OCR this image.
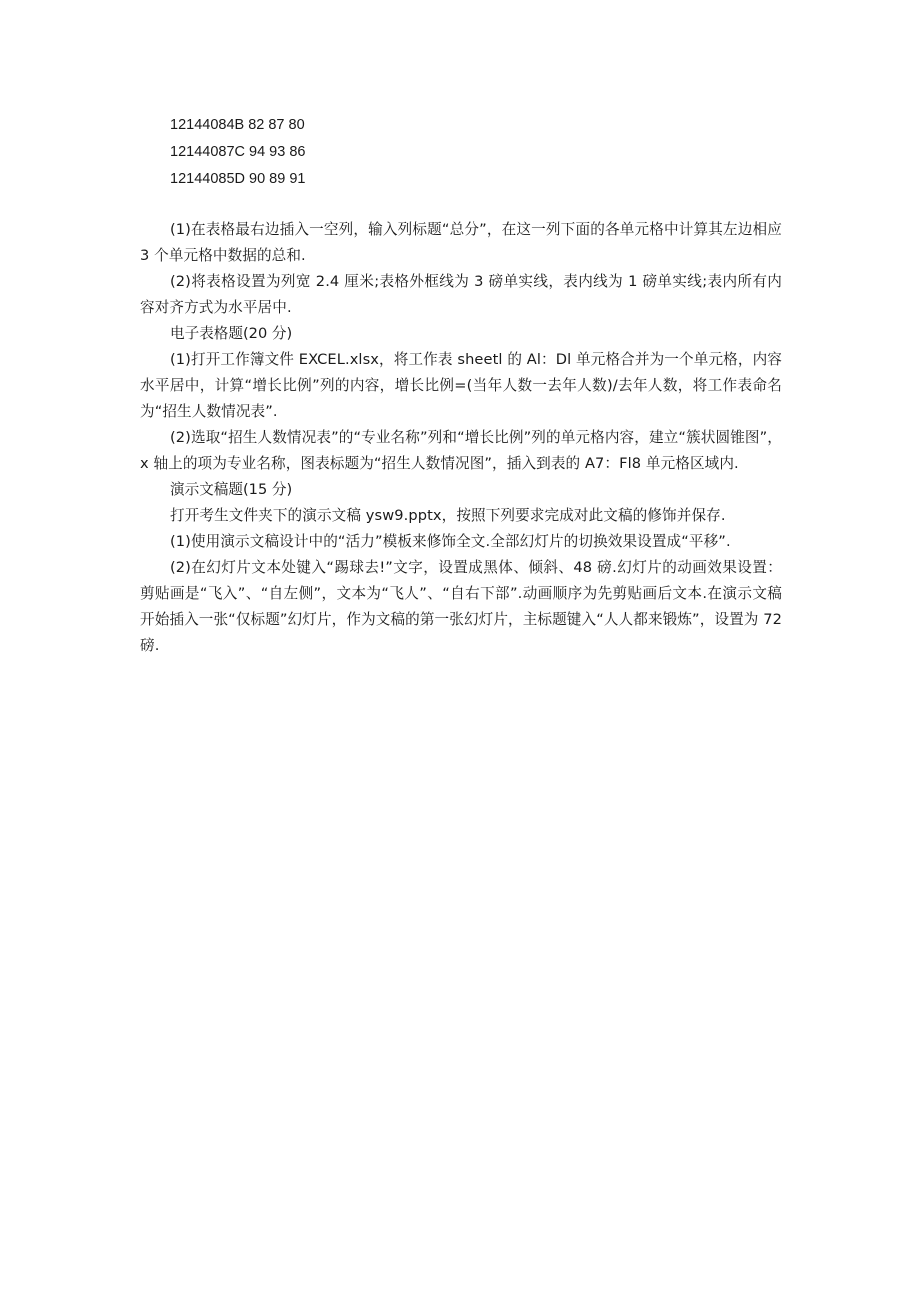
12144084B 82 87 80
12144087C 94 93 86
12144085D 90 89 91

(1)在表格最右边插入一空列，输入列标题“总分”，在这一列下面的各单元格中计算其左边相应 3 个单元格中数据的总和.

(2)将表格设置为列宽 2.4 厘米;表格外框线为 3 磅单实线，表内线为 1 磅单实线;表内所有内容对齐方式为水平居中.

电子表格题(20 分)

(1)打开工作簿文件 EXCEL.xlsx，将工作表 sheetl 的 Al：Dl 单元格合并为一个单元格，内容水平居中，计算“增长比例”列的内容，增长比例=(当年人数一去年人数)/去年人数，将工作表命名为“招生人数情况表”.

(2)选取“招生人数情况表”的“专业名称”列和“增长比例”列的单元格内容，建立“簇状圆锥图”，x 轴上的项为专业名称，图表标题为“招生人数情况图”，插入到表的 A7：Fl8 单元格区域内.

演示文稿题(15 分)

打开考生文件夹下的演示文稿 ysw9.pptx，按照下列要求完成对此文稿的修饰并保存.

(1)使用演示文稿设计中的“活力”模板来修饰全文.全部幻灯片的切换效果设置成“平移”.

(2)在幻灯片文本处键入“踢球去!”文字，设置成黑体、倾斜、48 磅.幻灯片的动画效果设置：剪贴画是“飞入”、“自左侧”，文本为“飞人”、“自右下部”.动画顺序为先剪贴画后文本.在演示文稿开始插入一张“仅标题”幻灯片，作为文稿的第一张幻灯片，主标题键入“人人都来锻炼”，设置为 72 磅.
